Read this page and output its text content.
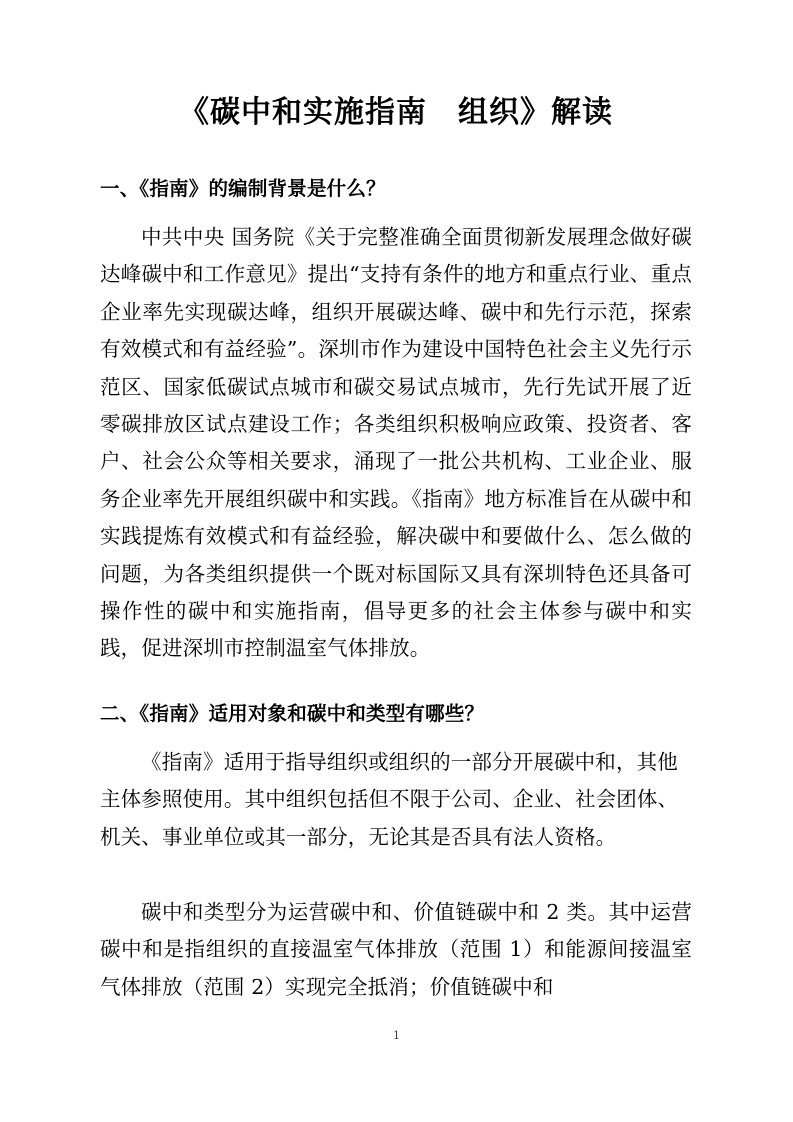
《碳中和实施指南　组织》解读
一、《指南》的编制背景是什么？

中共中央 国务院《关于完整准确全面贯彻新发展理念做好碳达峰碳中和工作意见》提出“支持有条件的地方和重点行业、重点企业率先实现碳达峰，组织开展碳达峰、碳中和先行示范，探索有效模式和有益经验”。深圳市作为建设中国特色社会主义先行示范区、国家低碳试点城市和碳交易试点城市，先行先试开展了近零碳排放区试点建设工作；各类组织积极响应政策、投资者、客户、社会公众等相关要求，涌现了一批公共机构、工业企业、服务企业率先开展组织碳中和实践。《指南》地方标准旨在从碳中和实践提炼有效模式和有益经验，解决碳中和要做什么、怎么做的问题，为各类组织提供一个既对标国际又具有深圳特色还具备可操作性的碳中和实施指南，倡导更多的社会主体参与碳中和实践，促进深圳市控制温室气体排放。

二、《指南》适用对象和碳中和类型有哪些？

《指南》适用于指导组织或组织的一部分开展碳中和，其他主体参照使用。其中组织包括但不限于公司、企业、社会团体、机关、事业单位或其一部分，无论其是否具有法人资格。

碳中和类型分为运营碳中和、价值链碳中和 2 类。其中运营碳中和是指组织的直接温室气体排放（范围 1）和能源间接温室气体排放（范围 2）实现完全抵消；价值链碳中和

1
